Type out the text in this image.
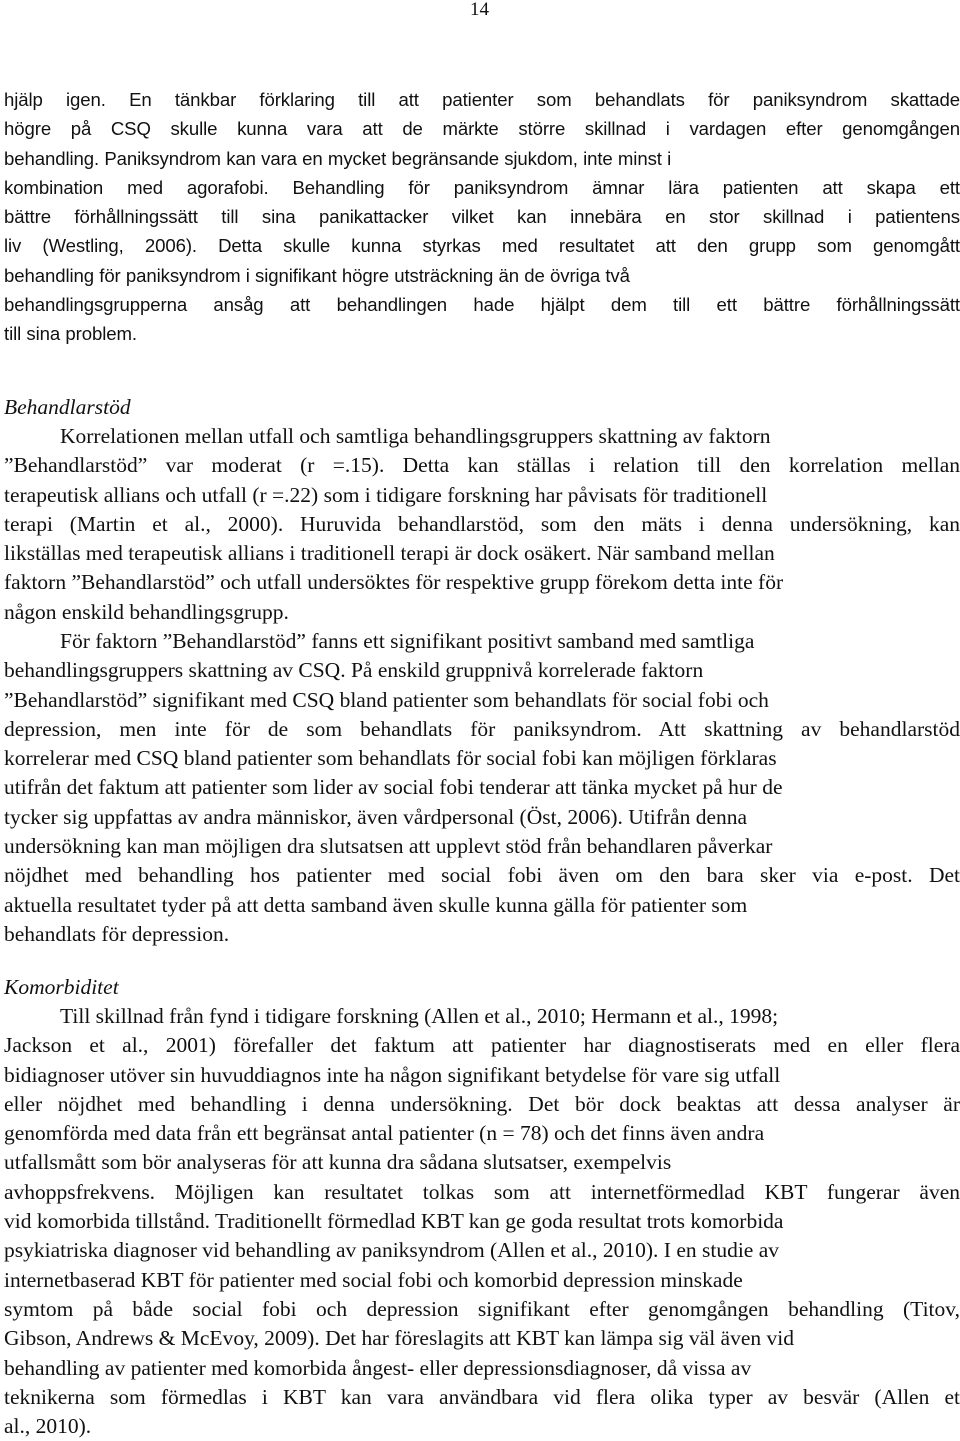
14
hjälp igen. En tänkbar förklaring till att patienter som behandlats för paniksyndrom skattade
högre på CSQ skulle kunna vara att de märkte större skillnad i vardagen efter genomgången
behandling. Paniksyndrom kan vara en mycket begränsande sjukdom, inte minst i
kombination med agorafobi. Behandling för paniksyndrom ämnar lära patienten att skapa ett
bättre förhållningssätt till sina panikattacker vilket kan innebära en stor skillnad i patientens
liv (Westling, 2006). Detta skulle kunna styrkas med resultatet att den grupp som genomgått
behandling för paniksyndrom i signifikant högre utsträckning än de övriga två
behandlingsgrupperna ansåg att behandlingen hade hjälpt dem till ett bättre förhållningssätt
till sina problem.
Behandlarstöd
Korrelationen mellan utfall och samtliga behandlingsgruppers skattning av faktorn
”Behandlarstöd” var moderat (r =.15). Detta kan ställas i relation till den korrelation mellan
terapeutisk allians och utfall (r =.22) som i tidigare forskning har påvisats för traditionell
terapi (Martin et al., 2000). Huruvida behandlarstöd, som den mäts i denna undersökning, kan
likställas med terapeutisk allians i traditionell terapi är dock osäkert. När samband mellan
faktorn ”Behandlarstöd” och utfall undersöktes för respektive grupp förekom detta inte för
någon enskild behandlingsgrupp.
För faktorn ”Behandlarstöd” fanns ett signifikant positivt samband med samtliga
behandlingsgruppers skattning av CSQ. På enskild gruppnivå korrelerade faktorn
”Behandlarstöd” signifikant med CSQ bland patienter som behandlats för social fobi och
depression, men inte för de som behandlats för paniksyndrom. Att skattning av behandlarstöd
korrelerar med CSQ bland patienter som behandlats för social fobi kan möjligen förklaras
utifrån det faktum att patienter som lider av social fobi tenderar att tänka mycket på hur de
tycker sig uppfattas av andra människor, även vårdpersonal (Öst, 2006). Utifrån denna
undersökning kan man möjligen dra slutsatsen att upplevt stöd från behandlaren påverkar
nöjdhet med behandling hos patienter med social fobi även om den bara sker via e-post. Det
aktuella resultatet tyder på att detta samband även skulle kunna gälla för patienter som
behandlats för depression.
Komorbiditet
Till skillnad från fynd i tidigare forskning (Allen et al., 2010; Hermann et al., 1998;
Jackson et al., 2001) förefaller det faktum att patienter har diagnostiserats med en eller flera
bidiagnoser utöver sin huvuddiagnos inte ha någon signifikant betydelse för vare sig utfall
eller nöjdhet med behandling i denna undersökning. Det bör dock beaktas att dessa analyser är
genomförda med data från ett begränsat antal patienter (n = 78) och det finns även andra
utfallsmått som bör analyseras för att kunna dra sådana slutsatser, exempelvis
avhoppsfrekvens. Möjligen kan resultatet tolkas som att internetförmedlad KBT fungerar även
vid komorbida tillstånd. Traditionellt förmedlad KBT kan ge goda resultat trots komorbida
psykiatriska diagnoser vid behandling av paniksyndrom (Allen et al., 2010). I en studie av
internetbaserad KBT för patienter med social fobi och komorbid depression minskade
symtom på både social fobi och depression signifikant efter genomgången behandling (Titov,
Gibson, Andrews & McEvoy, 2009). Det har föreslagits att KBT kan lämpa sig väl även vid
behandling av patienter med komorbida ångest- eller depressionsdiagnoser, då vissa av
teknikerna som förmedlas i KBT kan vara användbara vid flera olika typer av besvär (Allen et
al., 2010).
